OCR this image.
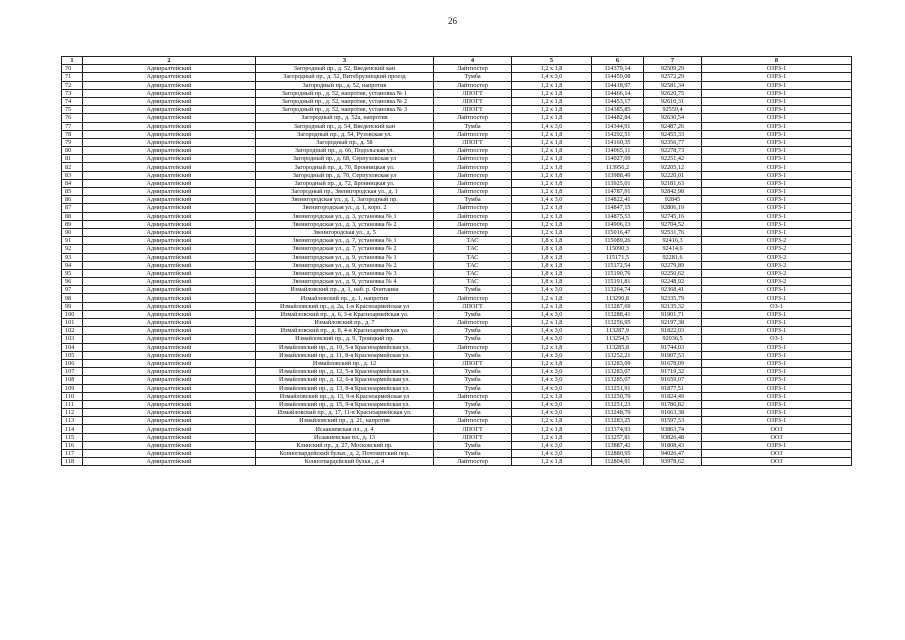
26
1	2	3	4	5	6	7	8
70	Адмиралтейский	Загородный пр., д. 52, Введенский кан	Лайтпостер	1,2 х 1,8	114379,14	92509,29	ОЗРЗ-1
71	Адмиралтейский	Загородный пр., д. 52, Витебрузнецкий проезд	Тумба	1,4 х 3,0	114459,08	92572,29	ОЗРЗ-1
72	Адмиралтейский	Загородный пр., д. 52, напротив	Лайтпостер	1,2 х 1,8	114418,97	92581,34	ОЗРЗ-1
73	Адмиралтейский	Загородный пр., д. 52, напротив, установка № 1	ЛПОГТ	1,2 х 1,8	114466,14	92620,75	ОЗРЗ-1
74	Адмиралтейский	Загородный пр., д. 52, напротив, установка № 2	ЛПОГТ	1,2 х 1,8	114453,17	92610,31	ОЗРЗ-1
75	Адмиралтейский	Загородный пр., д. 52, напротив, установка № 3	ЛПОГТ	1,2 х 1,8	114385,85	92559,4	ОЗРЗ-1
76	Адмиралтейский	Загородный пр., д. 52а, напротив	Лайтпостер	1,2 х 1,8	114482,84	92630,54	ОЗРЗ-1
77	Адмиралтейский	Загородный пр., д. 54, Введенский кан	Тумба	1,4 х 3,0	114344,91	92487,26	ОЗРЗ-1
78	Адмиралтейский	Загородный пр., д. 54, Рузовская ул.	Лайтпостер	1,2 х 1,8	114292,51	92455,33	ОЗРЗ-1
79	Адмиралтейский	Загородный пр., д. 58	ЛПОГТ	1,2 х 1,8	114160,35	92356,77	ОЗРЗ-1
80	Адмиралтейский	Загородный пр., д. 66, Подольская ул.	Лайтпостер	1,2 х 1,8	114065,11	92278,73	ОЗРЗ-1
81	Адмиралтейский	Загородный пр., д. 68, Серпуховская ул	Лайтпостер	1,2 х 1,8	114027,09	92251,42	ОЗРЗ-1
82	Адмиралтейский	Загородный пр., д. 70, Бронницкая ул.	Лайтпостер	1,2 х 1,8	113956,2	92205,12	ОЗРЗ-1
83	Адмиралтейский	Загородный пр., д. 70, Серпуховская ул	Лайтпостер	1,2 х 1,8	113988,49	92220,01	ОЗРЗ-1
84	Адмиралтейский	Загородный пр., д. 72, Бронницкая ул.	Лайтпостер	1,2 х 1,8	113925,01	92181,63	ОЗРЗ-1
85	Адмиралтейский	Загородный пр., Звенигородская ул., д. 1	Лайтпостер	1,2 х 1,8	114787,91	92842,98	ОЗРЗ-1
86	Адмиралтейский	Звенигородская ул., д. 1, Загородный пр.	Тумба	1,4 х 3,0	114822,41	92845	ОЗРЗ-1
87	Адмиралтейский	Звенигородская ул., д. 1, корп. 2	Лайтпостер	1,2 х 1,8	114847,15	92806,19	ОЗРЗ-1
88	Адмиралтейский	Звенигородская ул., д. 3, установка № 1	Лайтпостер	1,2 х 1,8	114875,53	92745,16	ОЗРЗ-1
89	Адмиралтейский	Звенигородская ул., д. 3, установка № 2	Лайтпостер	1,2 х 1,8	114906,13	92704,52	ОЗРЗ-1
90	Адмиралтейский	Звенигородская ул., д. 5	Лайтпостер	1,2 х 1,8	115016,47	92531,76	ОЗРЗ-1
91	Адмиралтейский	Звенигородская ул., д. 7, установка № 1	ТАС	1,8 х 1,8	115089,26	92416,3	ОЗРЗ-2
92	Адмиралтейский	Звенигородская ул., д. 7, установка № 2	ТАС	1,8 х 1,8	115090,3	92414,6	ОЗРЗ-2
93	Адмиралтейский	Звенигородская ул., д. 9, установка № 1	ТАС	1,8 х 1,8	115171,5	92281,6	ОЗРЗ-2
94	Адмиралтейский	Звенигородская ул., д. 9, установка № 2	ТАС	1,8 х 1,8	115172,54	92279,89	ОЗРЗ-2
95	Адмиралтейский	Звенигородская ул., д. 9, установка № 3	ТАС	1,8 х 1,8	115190,76	92250,62	ОЗРЗ-2
96	Адмиралтейский	Звенигородская ул., д. 9, установка № 4	ТАС	1,8 х 1,8	115191,81	92248,92	ОЗРЗ-2
97	Адмиралтейский	Измайловский пр., д. 1, наб. р. Фонтанки	Тумба	1,4 х 3,0	113264,74	92368,41	ОЗРЗ-1
98	Адмиралтейский	Измайловский пр., д. 1, напротив	Лайтпостер	1,2 х 1,8	113290,8	92335,79	ОЗРЗ-1
99	Адмиралтейский	Измайловский пр., д. 2а, 1-я Красноармейская ул	ЛПОГТ	1,2 х 1,8	113287,69	92135,32	ОЗ-1
100	Адмиралтейский	Измайловский пр., д. 6, 3-я Красноармейская ул.	Тумба	1,4 х 3,0	113288,41	91901,71	ОЗРЗ-1
101	Адмиралтейский	Измайловский пр., д. 7	Лайтпостер	1,2 х 1,8	113256,95	92197,38	ОЗРЗ-1
102	Адмиралтейский	Измайловский пр., д. 8, 4-я Красноармейская ул.	Тумба	1,4 х 3,0	113287,9	91822,03	ОЗРЗ-1
103	Адмиралтейский	Измайловский пр., д. 9, Троицкий пр.	Тумба	1,4 х 3,0	113254,5	92036,5	ОЗ-1
104	Адмиралтейский	Измайловский пр., д. 10, 5-я Красноармейская ул.	Лайтпостер	1,2 х 1,8	113285,8	91744,03	ОЗРЗ-1
105	Адмиралтейский	Измайловский пр., д. 11, 8-я Красноармейская ул.	Тумба	1,4 х 3,0	113252,21	91907,53	ОЗРЗ-1
106	Адмиралтейский	Измайловский пр., д. 12	ЛПОГТ	1,2 х 1,8	113283,09	91678,09	ОЗРЗ-1
107	Адмиралтейский	Измайловский пр., д. 12, 5-я Красноармейская ул.	Тумба	1,4 х 3,0	113283,07	91719,32	ОЗРЗ-1
108	Адмиралтейский	Измайловский пр., д. 12, 6-я Красноармейская ул.	Тумба	1,4 х 3,0	113285,07	91659,07	ОЗРЗ-1
109	Адмиралтейский	Измайловский пр., д. 13, 8-я Красноармейская ул.	Тумба	1,4 х 3,0	113251,91	91877,51	ОЗРЗ-1
110	Адмиралтейский	Измайловский пр., д. 13, 9-я Красноармейская ул	Лайтпостер	1,2 х 1,8	113250,79	91824,49	ОЗРЗ-1
111	Адмиралтейский	Измайловский пр., д. 15, 9-я Красноармейская ул.	Тумба	1,4 х 3,0	113251,23	91786,82	ОЗРЗ-1
112	Адмиралтейский	Измайловский пр., д. 17, 11-я Красноармейская ул.	Тумба	1,4 х 3,0	113248,79	91663,38	ОЗРЗ-1
113	Адмиралтейский	Измайловский пр., д. 21, напротив	Лайтпостер	1,2 х 1,8	113283,25	91597,53	ОЗРЗ-1
114	Адмиралтейский	Исаакиевская пл., д. 4	ЛПОГТ	1,2 х 1,8	113374,93	93863,74	ООЗ
115	Адмиралтейский	Исаакиевская пл., д. 13	ЛПОГТ	1,2 х 1,8	113257,81	93826,48	ООЗ
116	Адмиралтейский	Клинский пр., д. 27, Московский пр.	Тумба	1,4 х 3,0	113887,42	91808,43	ОЗРЗ-1
117	Адмиралтейский	Конногвардейский бульв., д. 2, Почтамтский пер.	Тумба	1,4 х 3,0	112880,95	94026,47	ООЗ
118	Адмиралтейский	Конногвардейский бульв., д. 4	Лайтпостер	1,2 х 1,8	112804,91	93978,62	ООЗ
